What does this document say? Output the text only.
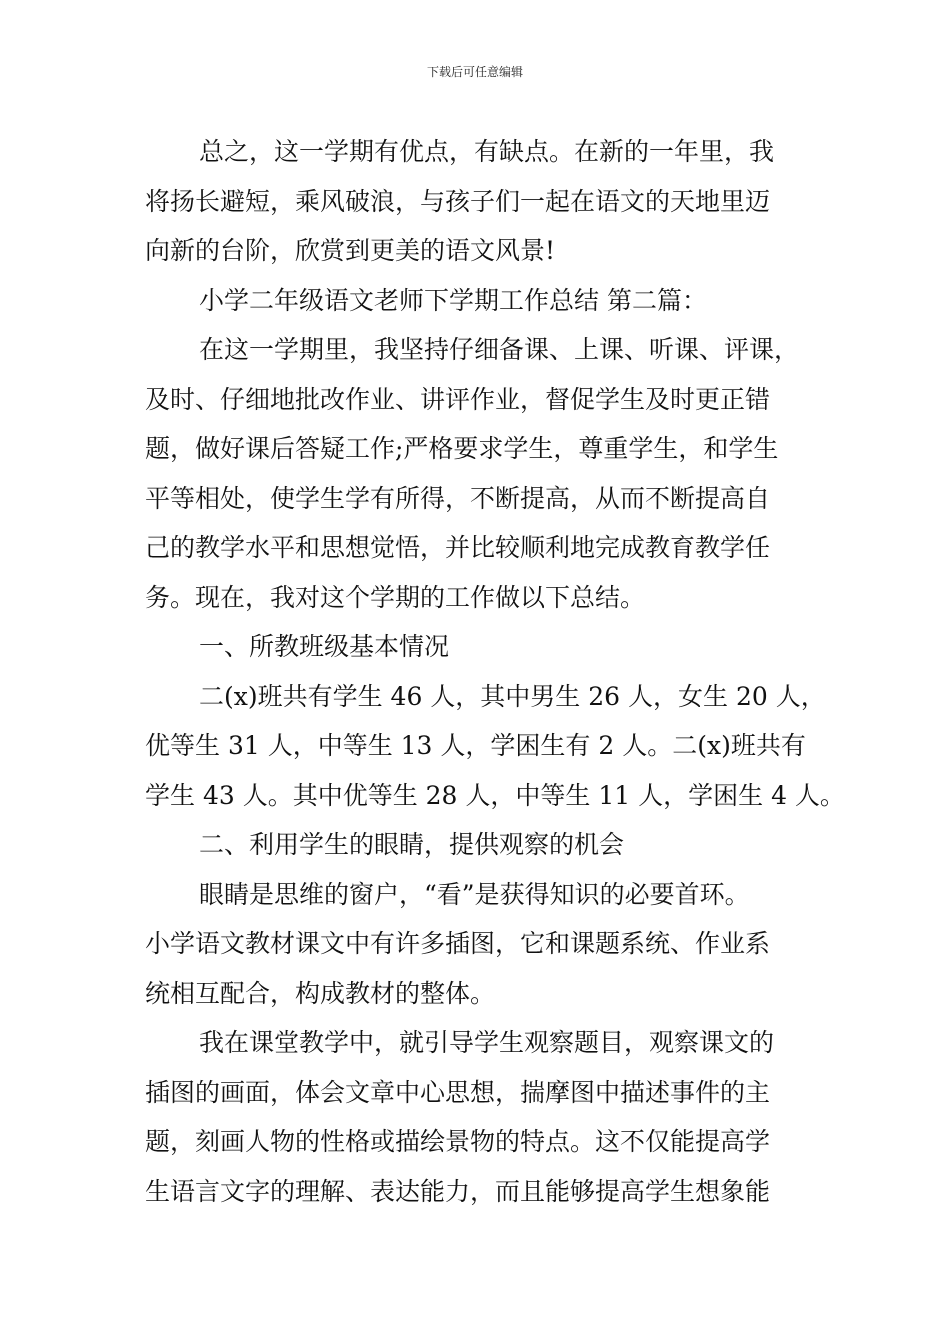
下载后可任意编辑

总之，这一学期有优点，有缺点。在新的一年里，我
将扬长避短，乘风破浪，与孩子们一起在语文的天地里迈
向新的台阶，欣赏到更美的语文风景!

小学二年级语文老师下学期工作总结 第二篇：

在这一学期里，我坚持仔细备课、上课、听课、评课，
及时、仔细地批改作业、讲评作业，督促学生及时更正错
题，做好课后答疑工作;严格要求学生，尊重学生，和学生
平等相处，使学生学有所得，不断提高，从而不断提高自
己的教学水平和思想觉悟，并比较顺利地完成教育教学任
务。现在，我对这个学期的工作做以下总结。

一、所教班级基本情况

二(x)班共有学生 46 人，其中男生 26 人，女生 20 人，
优等生 31 人，中等生 13 人，学困生有 2 人。二(x)班共有
学生 43 人。其中优等生 28 人，中等生 11 人，学困生 4 人。

二、利用学生的眼睛，提供观察的机会

眼睛是思维的窗户，“看”是获得知识的必要首环。
小学语文教材课文中有许多插图，它和课题系统、作业系
统相互配合，构成教材的整体。

我在课堂教学中，就引导学生观察题目，观察课文的
插图的画面，体会文章中心思想，揣摩图中描述事件的主
题，刻画人物的性格或描绘景物的特点。这不仅能提高学
生语言文字的理解、表达能力，而且能够提高学生想象能
